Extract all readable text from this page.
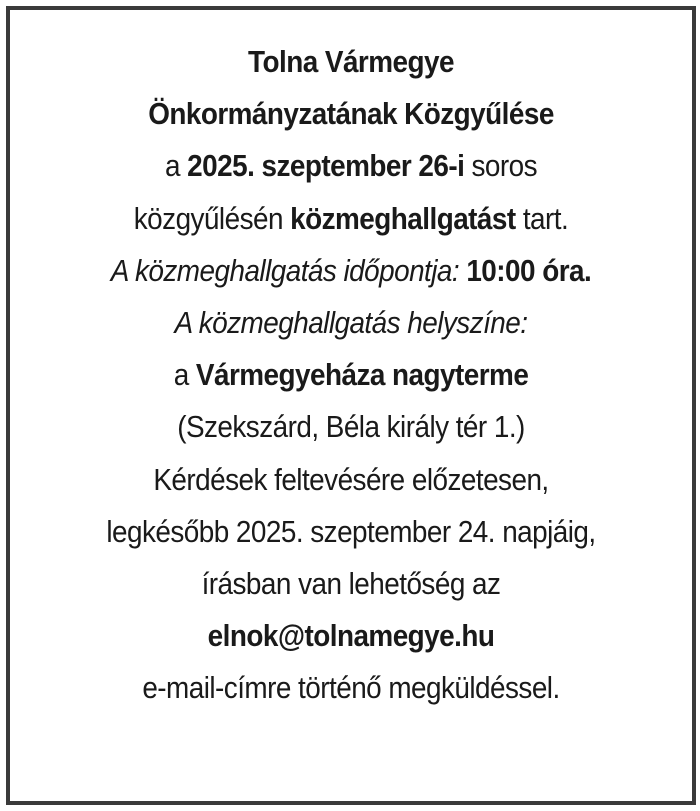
Tolna Vármegye
Önkormányzatának Közgyűlése
a 2025. szeptember 26-i soros
közgyűlésén közmeghallgatást tart.
A közmeghallgatás időpontja: 10:00 óra.
A közmeghallgatás helyszíne:
a Vármegyeháza nagyterme
(Szekszárd, Béla király tér 1.)
Kérdések feltevésére előzetesen,
legkésőbb 2025. szeptember 24. napjáig,
írásban van lehetőség az
elnok@tolnamegye.hu
e-mail-címre történő megküldéssel.
